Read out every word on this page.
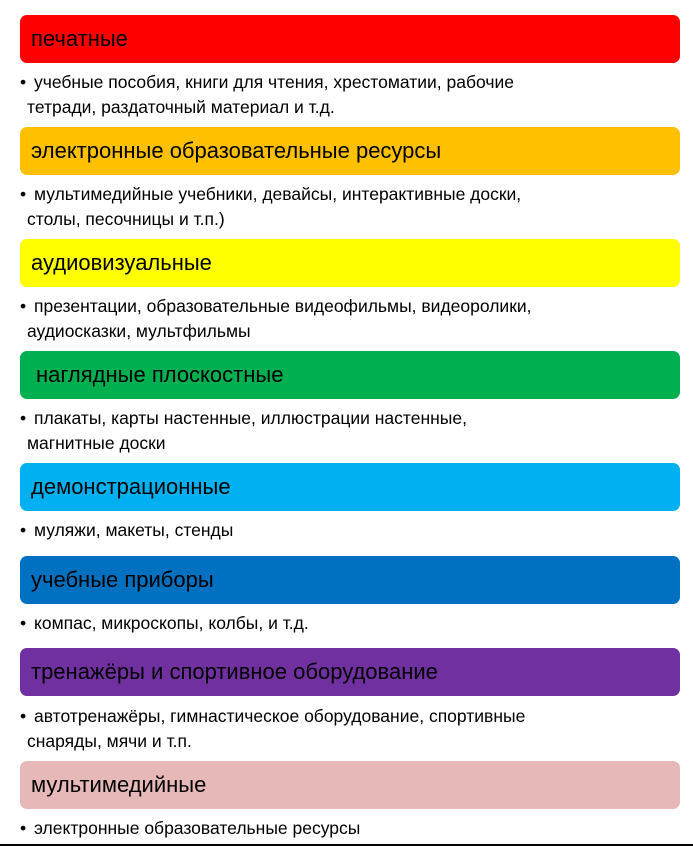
печатные
• учебные пособия, книги для чтения, хрестоматии, рабочие
тетради, раздаточный материал и т.д.
электронные образовательные ресурсы
• мультимедийные учебники, девайсы, интерактивные доски,
столы, песочницы и т.п.)
аудиовизуальные
• презентации, образовательные видеофильмы, видеоролики,
аудиосказки, мультфильмы
наглядные плоскостные
• плакаты, карты настенные, иллюстрации настенные,
магнитные доски
демонстрационные
• муляжи, макеты, стенды
учебные приборы
• компас, микроскопы, колбы, и т.д.
тренажёры и спортивное оборудование
• автотренажёры, гимнастическое оборудование, спортивные
снаряды, мячи и т.п.
мультимедийные
• электронные образовательные ресурсы
